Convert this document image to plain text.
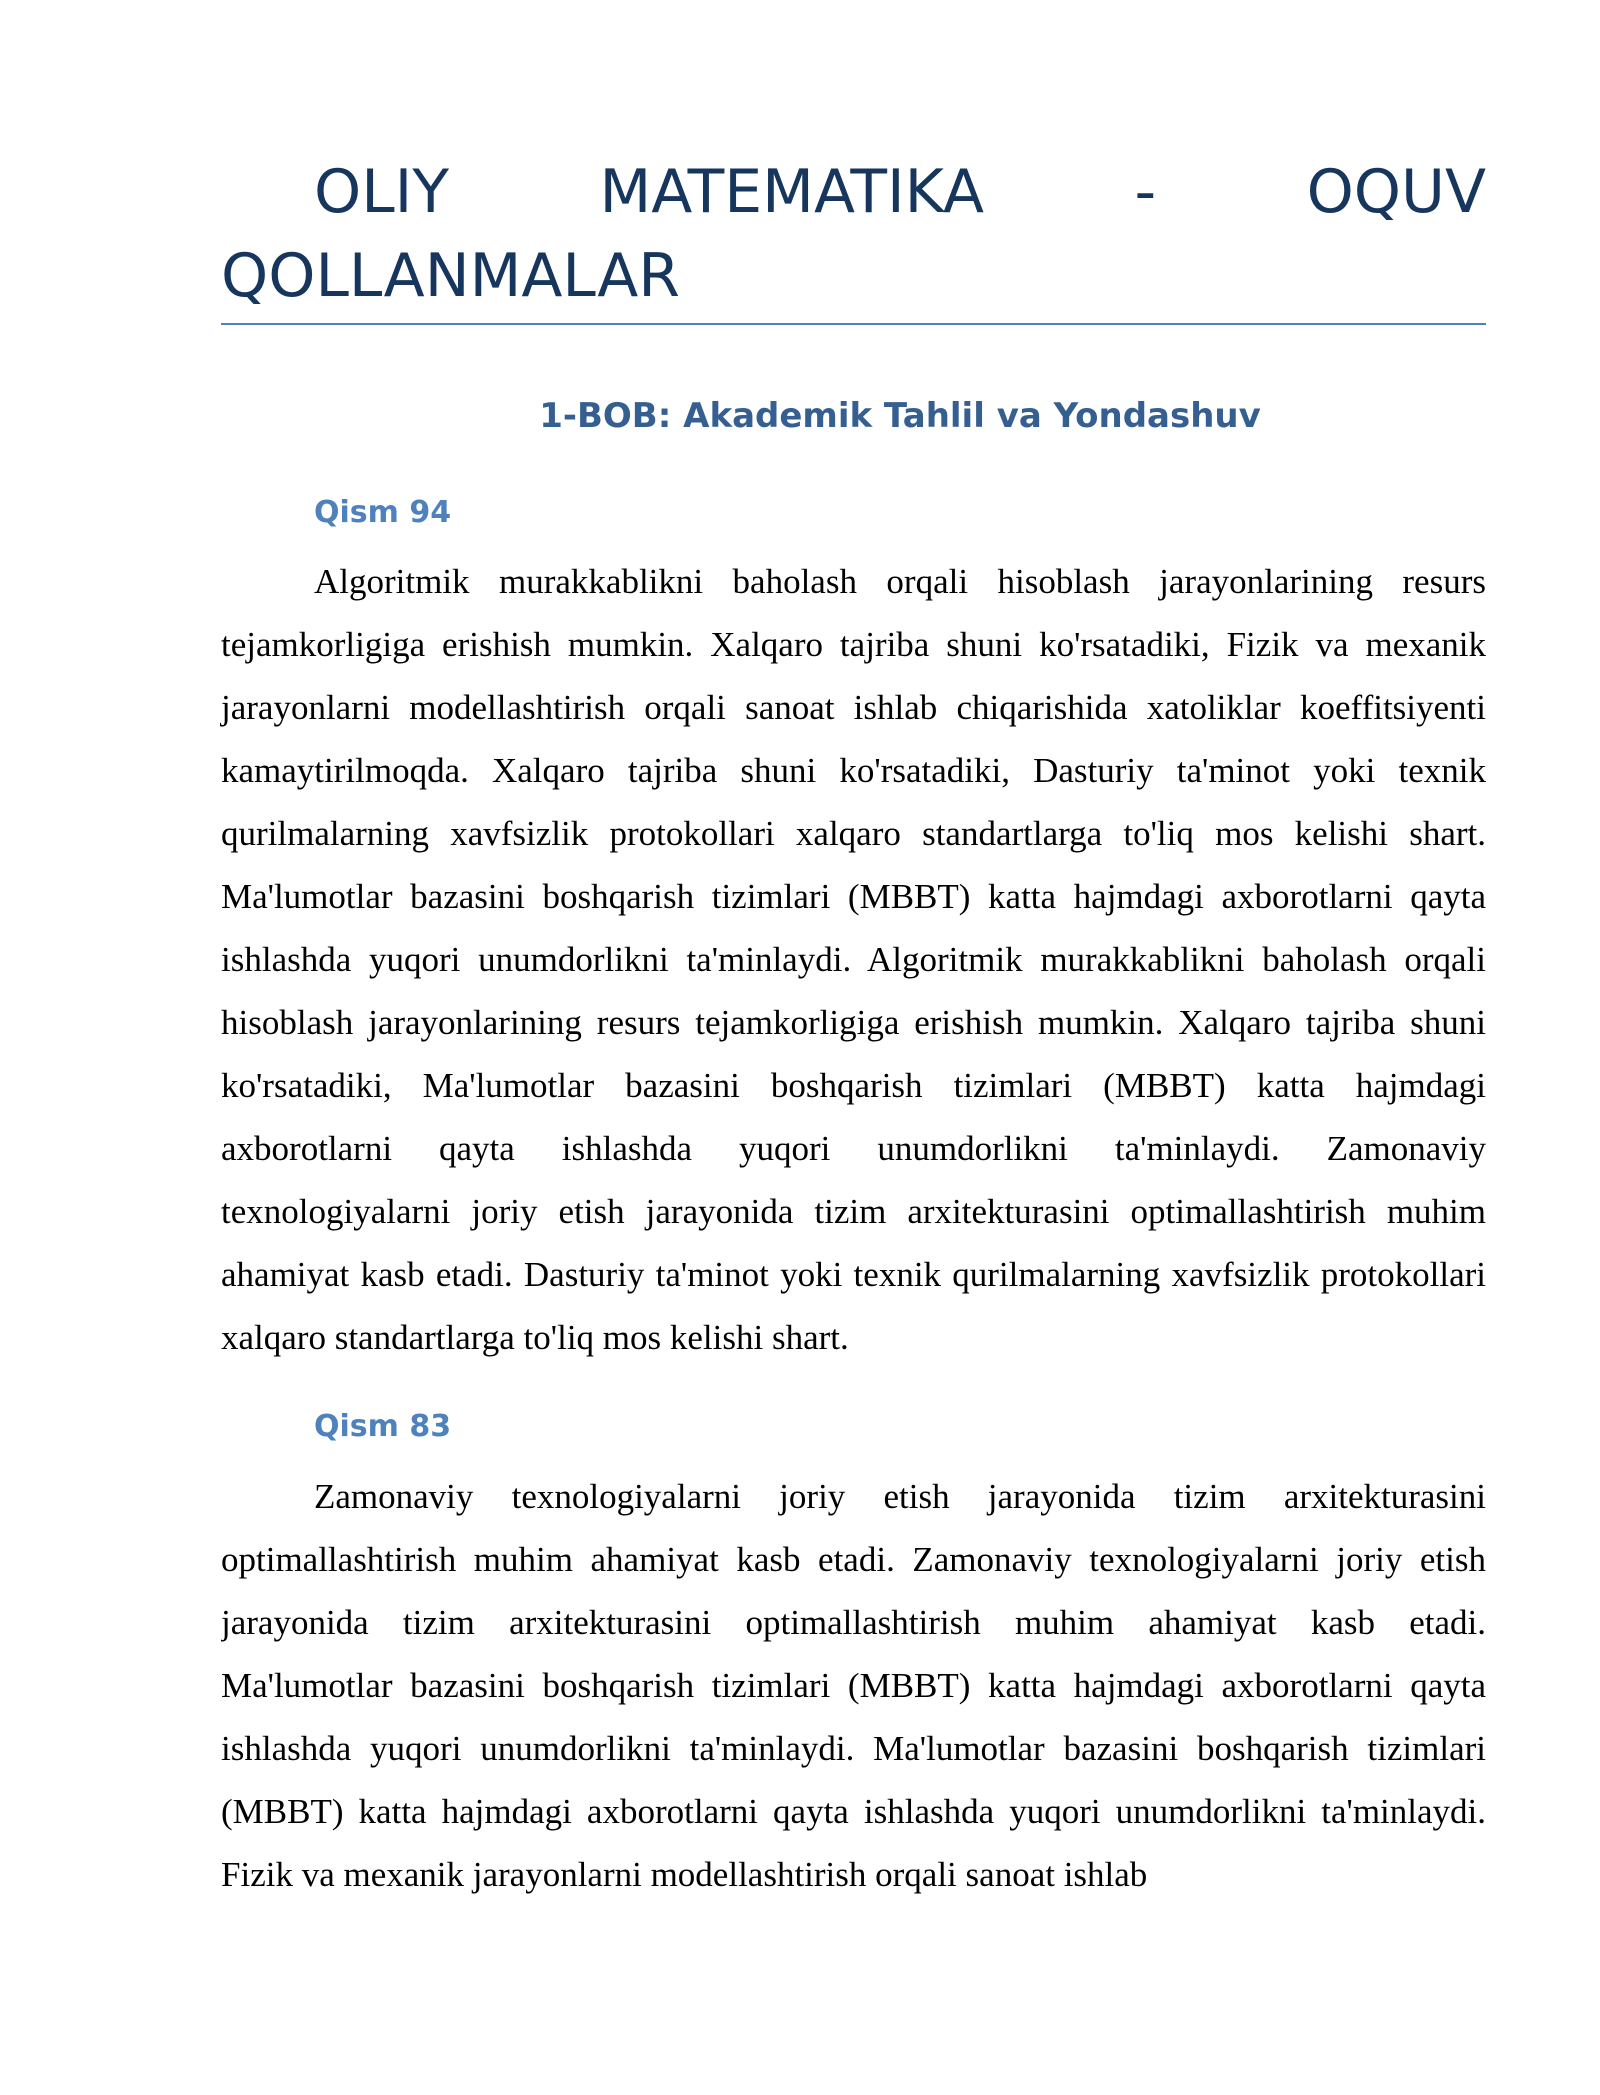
OLIY MATEMATIKA - OQUV QOLLANMALAR
1-BOB: Akademik Tahlil va Yondashuv
Qism 94

Algoritmik murakkablikni baholash orqali hisoblash jarayonlarining resurs tejamkorligiga erishish mumkin. Xalqaro tajriba shuni ko'rsatadiki, Fizik va mexanik jarayonlarni modellashtirish orqali sanoat ishlab chiqarishida xatoliklar koeffitsiyenti kamaytirilmoqda. Xalqaro tajriba shuni ko'rsatadiki, Dasturiy ta'minot yoki texnik qurilmalarning xavfsizlik protokollari xalqaro standartlarga to'liq mos kelishi shart. Ma'lumotlar bazasini boshqarish tizimlari (MBBT) katta hajmdagi axborotlarni qayta ishlashda yuqori unumdorlikni ta'minlaydi. Algoritmik murakkablikni baholash orqali hisoblash jarayonlarining resurs tejamkorligiga erishish mumkin. Xalqaro tajriba shuni ko'rsatadiki, Ma'lumotlar bazasini boshqarish tizimlari (MBBT) katta hajmdagi axborotlarni qayta ishlashda yuqori unumdorlikni ta'minlaydi. Zamonaviy texnologiyalarni joriy etish jarayonida tizim arxitekturasini optimallashtirish muhim ahamiyat kasb etadi. Dasturiy ta'minot yoki texnik qurilmalarning xavfsizlik protokollari xalqaro standartlarga to'liq mos kelishi shart.

Qism 83

Zamonaviy texnologiyalarni joriy etish jarayonida tizim arxitekturasini optimallashtirish muhim ahamiyat kasb etadi. Zamonaviy texnologiyalarni joriy etish jarayonida tizim arxitekturasini optimallashtirish muhim ahamiyat kasb etadi. Ma'lumotlar bazasini boshqarish tizimlari (MBBT) katta hajmdagi axborotlarni qayta ishlashda yuqori unumdorlikni ta'minlaydi. Ma'lumotlar bazasini boshqarish tizimlari (MBBT) katta hajmdagi axborotlarni qayta ishlashda yuqori unumdorlikni ta'minlaydi. Fizik va mexanik jarayonlarni modellashtirish orqali sanoat ishlab
